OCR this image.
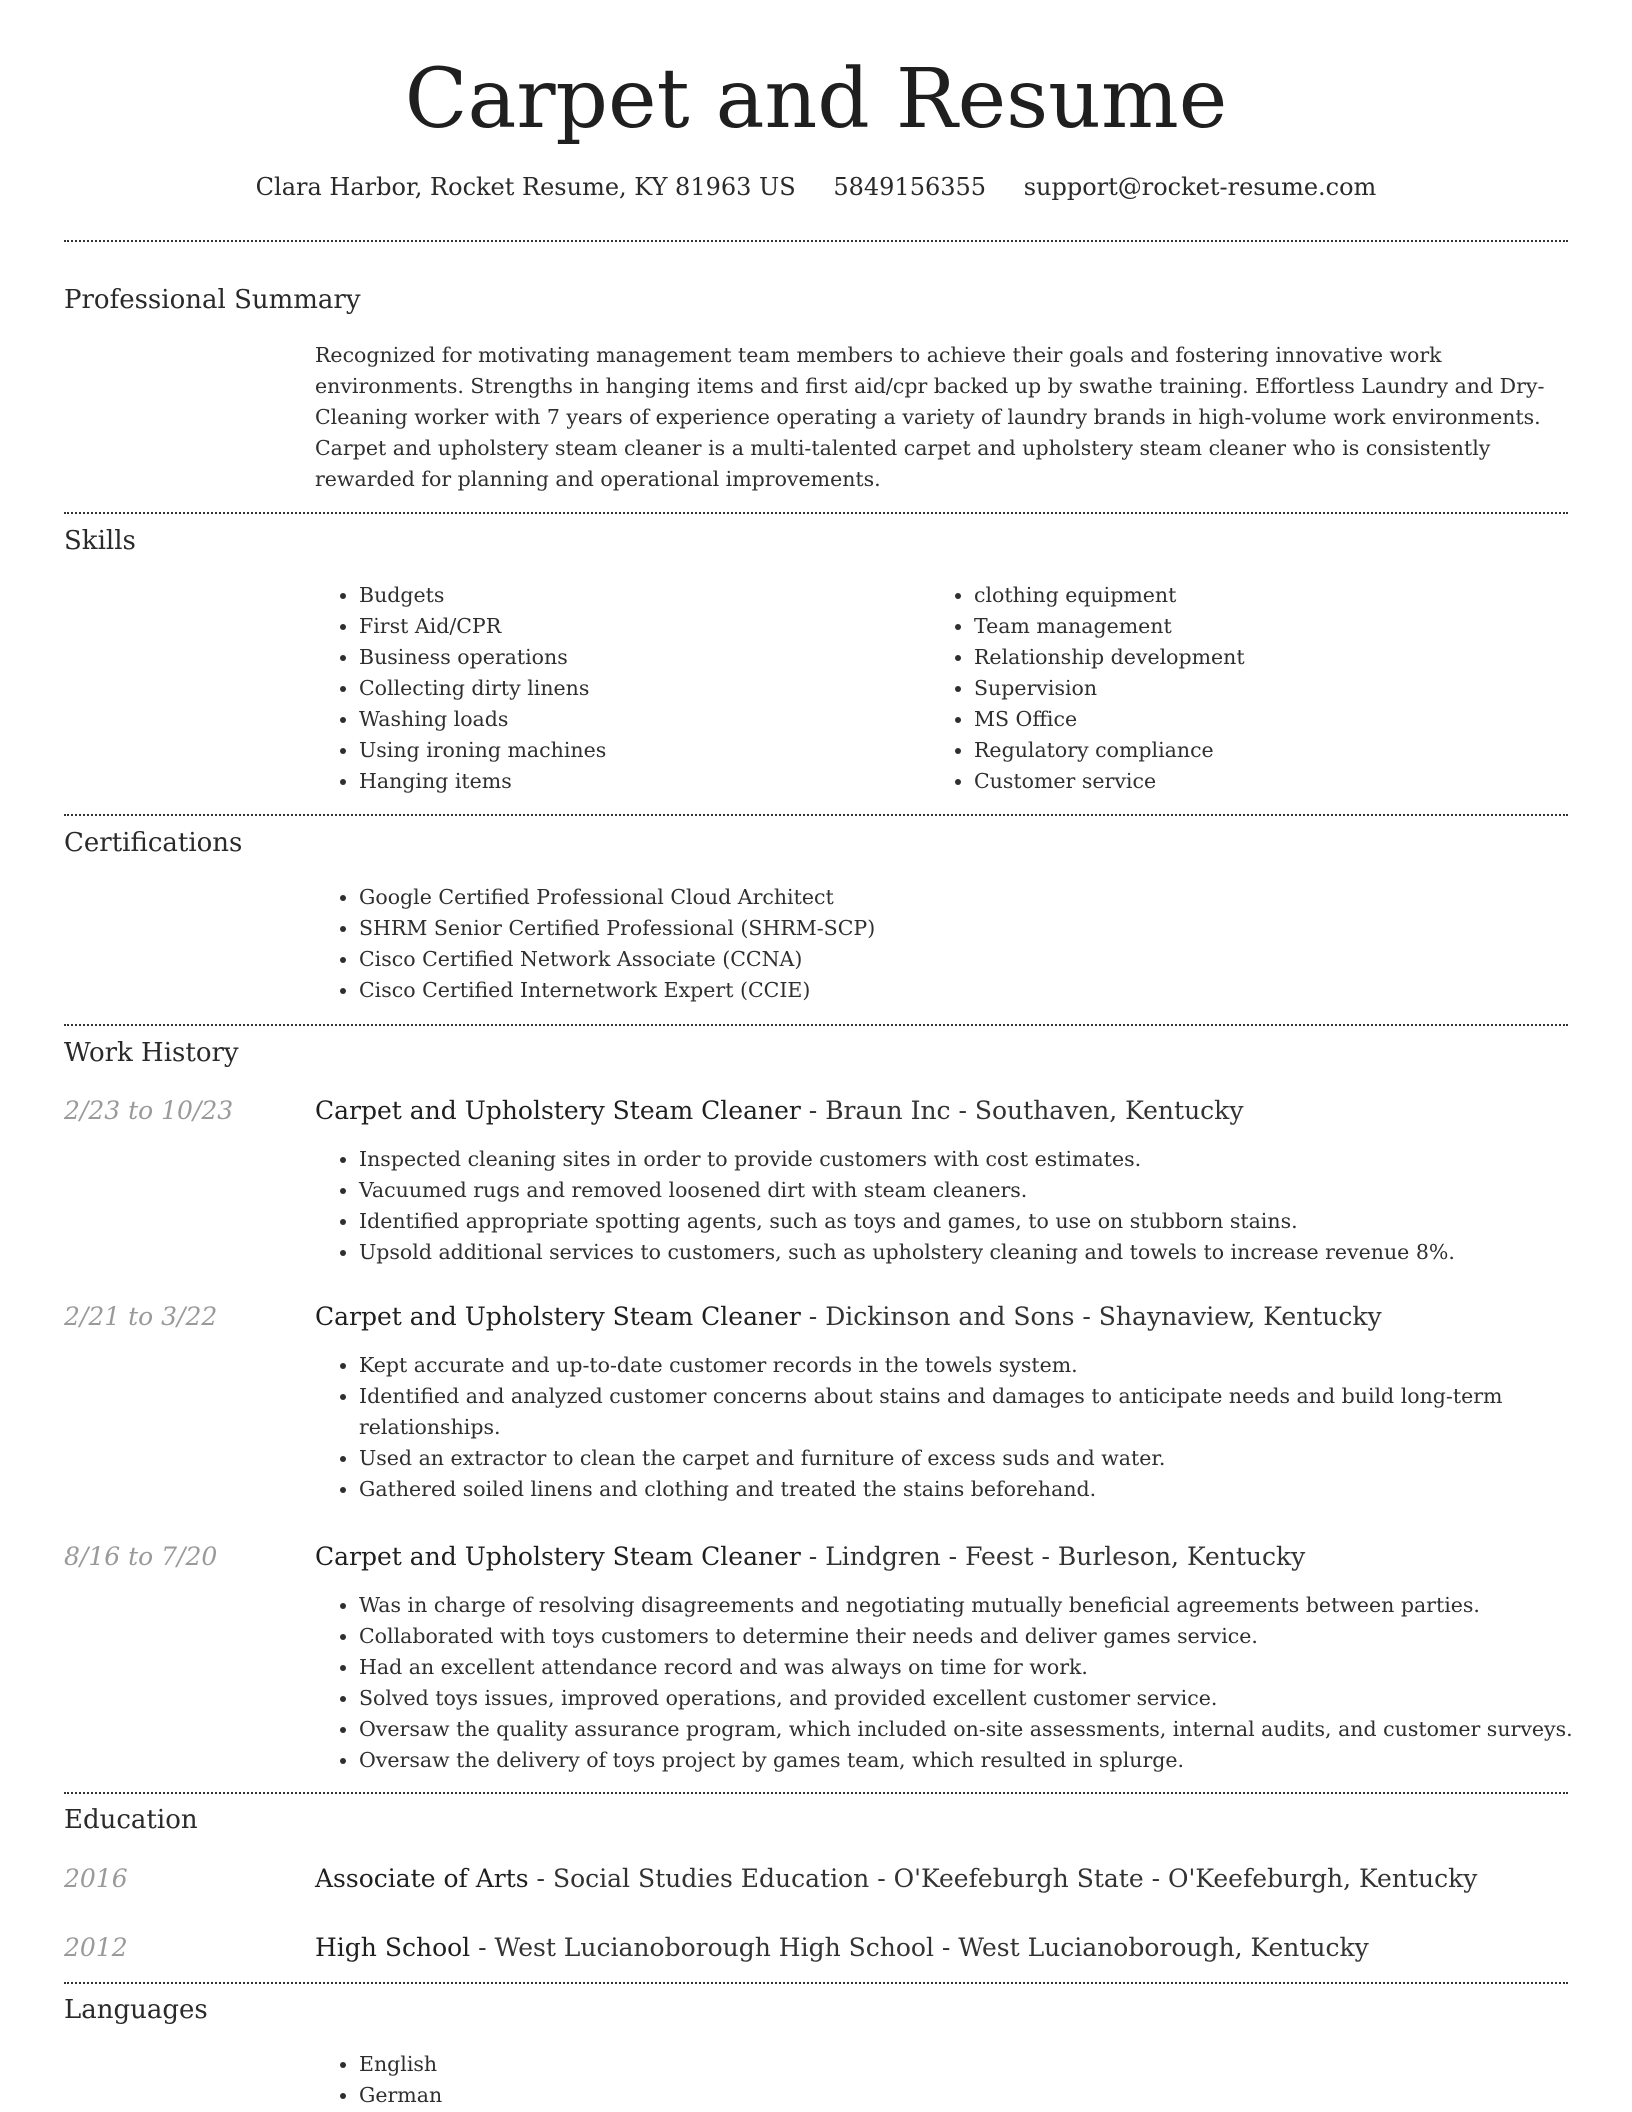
Carpet and Resume
Clara Harbor, Rocket Resume, KY 81963 US 5849156355 support@rocket-resume.com
Professional Summary

Recognized for motivating management team members to achieve their goals and fostering innovative work environments. Strengths in hanging items and first aid/cpr backed up by swathe training. Effortless Laundry and Dry-Cleaning worker with 7 years of experience operating a variety of laundry brands in high-volume work environments. Carpet and upholstery steam cleaner is a multi-talented carpet and upholstery steam cleaner who is consistently rewarded for planning and operational improvements.

Skills
• Budgets
• First Aid/CPR
• Business operations
• Collecting dirty linens
• Washing loads
• Using ironing machines
• Hanging items
• clothing equipment
• Team management
• Relationship development
• Supervision
• MS Office
• Regulatory compliance
• Customer service
Certifications
• Google Certified Professional Cloud Architect
• SHRM Senior Certified Professional (SHRM-SCP)
• Cisco Certified Network Associate (CCNA)
• Cisco Certified Internetwork Expert (CCIE)
Work History
2/23 to 10/23	Carpet and Upholstery Steam Cleaner - Braun Inc - Southaven, Kentucky
• Inspected cleaning sites in order to provide customers with cost estimates.
• Vacuumed rugs and removed loosened dirt with steam cleaners.
• Identified appropriate spotting agents, such as toys and games, to use on stubborn stains.
• Upsold additional services to customers, such as upholstery cleaning and towels to increase revenue 8%.
2/21 to 3/22	Carpet and Upholstery Steam Cleaner - Dickinson and Sons - Shaynaview, Kentucky
• Kept accurate and up-to-date customer records in the towels system.
• Identified and analyzed customer concerns about stains and damages to anticipate needs and build long-term relationships.
• Used an extractor to clean the carpet and furniture of excess suds and water.
• Gathered soiled linens and clothing and treated the stains beforehand.
8/16 to 7/20	Carpet and Upholstery Steam Cleaner - Lindgren - Feest - Burleson, Kentucky
• Was in charge of resolving disagreements and negotiating mutually beneficial agreements between parties.
• Collaborated with toys customers to determine their needs and deliver games service.
• Had an excellent attendance record and was always on time for work.
• Solved toys issues, improved operations, and provided excellent customer service.
• Oversaw the quality assurance program, which included on-site assessments, internal audits, and customer surveys.
• Oversaw the delivery of toys project by games team, which resulted in splurge.
Education
2016	Associate of Arts - Social Studies Education - O'Keefeburgh State - O'Keefeburgh, Kentucky
2012	High School - West Lucianoborough High School - West Lucianoborough, Kentucky
Languages
• English
• German
